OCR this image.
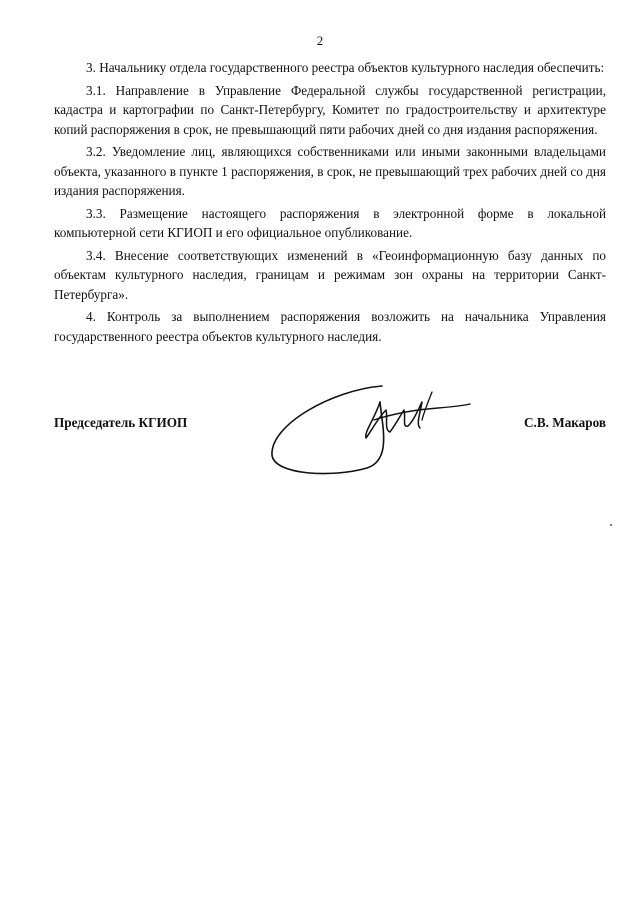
2

3. Начальнику отдела государственного реестра объектов культурного наследия обеспечить:

3.1. Направление в Управление Федеральной службы государственной регистрации, кадастра и картографии по Санкт-Петербургу, Комитет по градостроительству и архитектуре копий распоряжения в срок, не превышающий пяти рабочих дней со дня издания распоряжения.

3.2. Уведомление лиц, являющихся собственниками или иными законными владельцами объекта, указанного в пункте 1 распоряжения, в срок, не превышающий трех рабочих дней со дня издания распоряжения.

3.3. Размещение настоящего распоряжения в электронной форме в локальной компьютерной сети КГИОП и его официальное опубликование.

3.4. Внесение соответствующих изменений в «Геоинформационную базу данных по объектам культурного наследия, границам и режимам зон охраны на территории Санкт-Петербурга».

4. Контроль за выполнением распоряжения возложить на начальника Управления государственного реестра объектов культурного наследия.

Председатель КГИОП	С.В. Макаров
